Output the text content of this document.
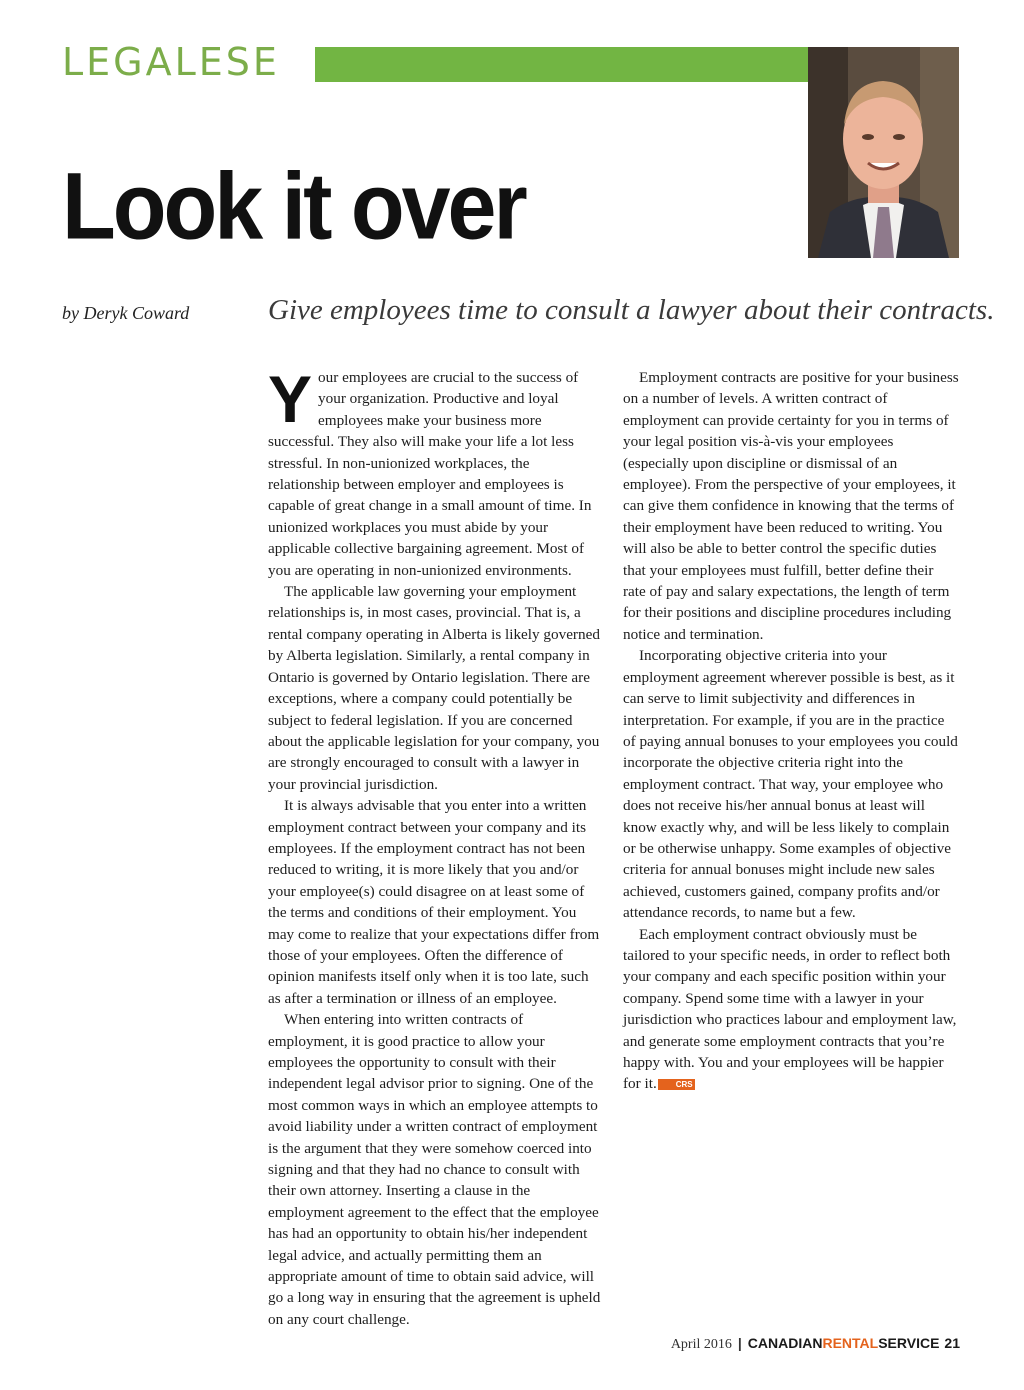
LEGALESE
Look it over
by Deryk Coward	Give employees time to consult a lawyer about their contracts.

Your employees are crucial to the success of your organization. Productive and loyal employees make your business more successful. They also will make your life a lot less stressful. In non-unionized workplaces, the relationship between employer and employees is capable of great change in a small amount of time. In unionized workplaces you must abide by your applicable collective bargaining agreement. Most of you are operating in non-unionized environments.

The applicable law governing your employment relationships is, in most cases, provincial. That is, a rental company operating in Alberta is likely governed by Alberta legislation. Similarly, a rental company in Ontario is governed by Ontario legislation. There are exceptions, where a company could potentially be subject to federal legislation. If you are concerned about the applicable legislation for your company, you are strongly encouraged to consult with a lawyer in your provincial jurisdiction.

It is always advisable that you enter into a written employment contract between your company and its employees. If the employment contract has not been reduced to writing, it is more likely that you and/or your employee(s) could disagree on at least some of the terms and conditions of their employment. You may come to realize that your expectations differ from those of your employees. Often the difference of opinion manifests itself only when it is too late, such as after a termination or illness of an employee.

When entering into written contracts of employment, it is good practice to allow your employees the opportunity to consult with their independent legal advisor prior to signing. One of the most common ways in which an employee attempts to avoid liability under a written contract of employment is the argument that they were somehow coerced into signing and that they had no chance to consult with their own attorney. Inserting a clause in the employment agreement to the effect that the employee has had an opportunity to obtain his/her independent legal advice, and actually permitting them an appropriate amount of time to obtain said advice, will go a long way in ensuring that the agreement is upheld on any court challenge.

Employment contracts are positive for your business on a number of levels. A written contract of employment can provide certainty for you in terms of your legal position vis-à-vis your employees (especially upon discipline or dismissal of an employee). From the perspective of your employees, it can give them confidence in knowing that the terms of their employment have been reduced to writing. You will also be able to better control the specific duties that your employees must fulfill, better define their rate of pay and salary expectations, the length of term for their positions and discipline procedures including notice and termination.

Incorporating objective criteria into your employment agreement wherever possible is best, as it can serve to limit subjectivity and differences in interpretation. For example, if you are in the practice of paying annual bonuses to your employees you could incorporate the objective criteria right into the employment contract. That way, your employee who does not receive his/her annual bonus at least will know exactly why, and will be less likely to complain or be otherwise unhappy. Some examples of objective criteria for annual bonuses might include new sales achieved, customers gained, company profits and/or attendance records, to name but a few.

Each employment contract obviously must be tailored to your specific needs, in order to reflect both your company and each specific position within your company. Spend some time with a lawyer in your jurisdiction who practices labour and employment law, and generate some employment contracts that you’re happy with. You and your employees will be happier for it. CRS

April 2016 | CANADIANRENTALSERVICE 21
